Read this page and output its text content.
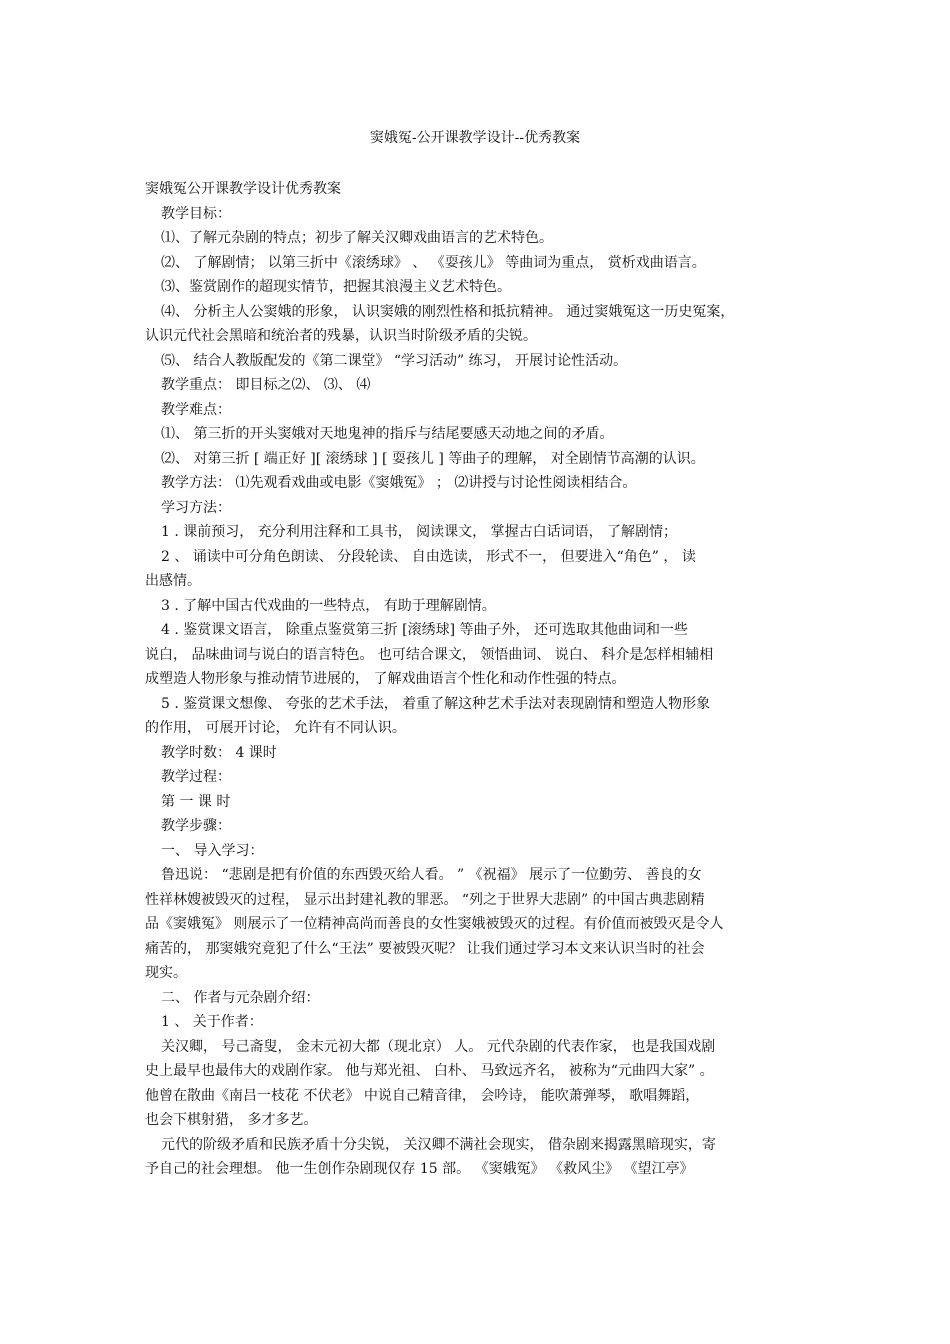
窦娥冤-公开课教学设计--优秀教案
窦娥冤公开课教学设计优秀教案
教学目标：
⑴、了解元杂剧的特点；初步了解关汉卿戏曲语言的艺术特色。
⑵、 了解剧情； 以第三折中《滚绣球》 、 《耍孩儿》 等曲词为重点， 赏析戏曲语言。
⑶、鉴赏剧作的超现实情节，把握其浪漫主义艺术特色。
⑷、 分析主人公窦娥的形象， 认识窦娥的刚烈性格和抵抗精神。 通过窦娥冤这一历史冤案，
认识元代社会黑暗和统治者的残暴，认识当时阶级矛盾的尖锐。
⑸、 结合人教版配发的《第二课堂》 “学习活动” 练习， 开展讨论性活动。
教学重点： 即目标之⑵、 ⑶、 ⑷
教学难点：
⑴、 第三折的开头窦娥对天地鬼神的指斥与结尾要感天动地之间的矛盾。
⑵、 对第三折 [ 端正好 ][ 滚绣球 ] [ 耍孩儿 ] 等曲子的理解， 对全剧情节高潮的认识。
教学方法： ⑴先观看戏曲或电影《窦娥冤》 ； ⑵讲授与讨论性阅读相结合。
学习方法：
1 . 课前预习， 充分利用注释和工具书， 阅读课文， 掌握古白话词语， 了解剧情；
2 、 诵读中可分角色朗读、 分段轮读、 自由选读， 形式不一， 但要进入“角色” ， 读
出感情。
3 . 了解中国古代戏曲的一些特点， 有助于理解剧情。
4 . 鉴赏课文语言， 除重点鉴赏第三折 [滚绣球] 等曲子外， 还可选取其他曲词和一些
说白， 品味曲词与说白的语言特色。 也可结合课文， 领悟曲词、 说白、 科介是怎样相辅相
成塑造人物形象与推动情节进展的， 了解戏曲语言个性化和动作性强的特点。
5 . 鉴赏课文想像、 夸张的艺术手法， 着重了解这种艺术手法对表现剧情和塑造人物形象
的作用， 可展开讨论， 允许有不同认识。
教学时数： 4 课时
教学过程：
第 一 课 时
教学步骤：
一、 导入学习：
鲁迅说： “悲剧是把有价值的东西毁灭给人看。 ” 《祝福》 展示了一位勤劳、 善良的女
性祥林嫂被毁灭的过程， 显示出封建礼教的罪恶。 “列之于世界大悲剧” 的中国古典悲剧精
品《窦娥冤》 则展示了一位精神高尚而善良的女性窦娥被毁灭的过程。有价值而被毁灭是令人
痛苦的， 那窦娥究竟犯了什么“王法” 要被毁灭呢？ 让我们通过学习本文来认识当时的社会
现实。
二、 作者与元杂剧介绍：
1 、 关于作者：
关汉卿， 号己斋叟， 金末元初大都（现北京） 人。 元代杂剧的代表作家， 也是我国戏剧
史上最早也最伟大的戏剧作家。 他与郑光祖、 白朴、 马致远齐名， 被称为“元曲四大家” 。
他曾在散曲《南吕一枝花 不伏老》 中说自己精音律， 会吟诗， 能吹萧弹琴， 歌唱舞蹈，
也会下棋射猎， 多才多艺。
元代的阶级矛盾和民族矛盾十分尖锐， 关汉卿不满社会现实， 借杂剧来揭露黑暗现实，寄
予自己的社会理想。 他一生创作杂剧现仅存 15 部。 《窦娥冤》 《救风尘》 《望江亭》
